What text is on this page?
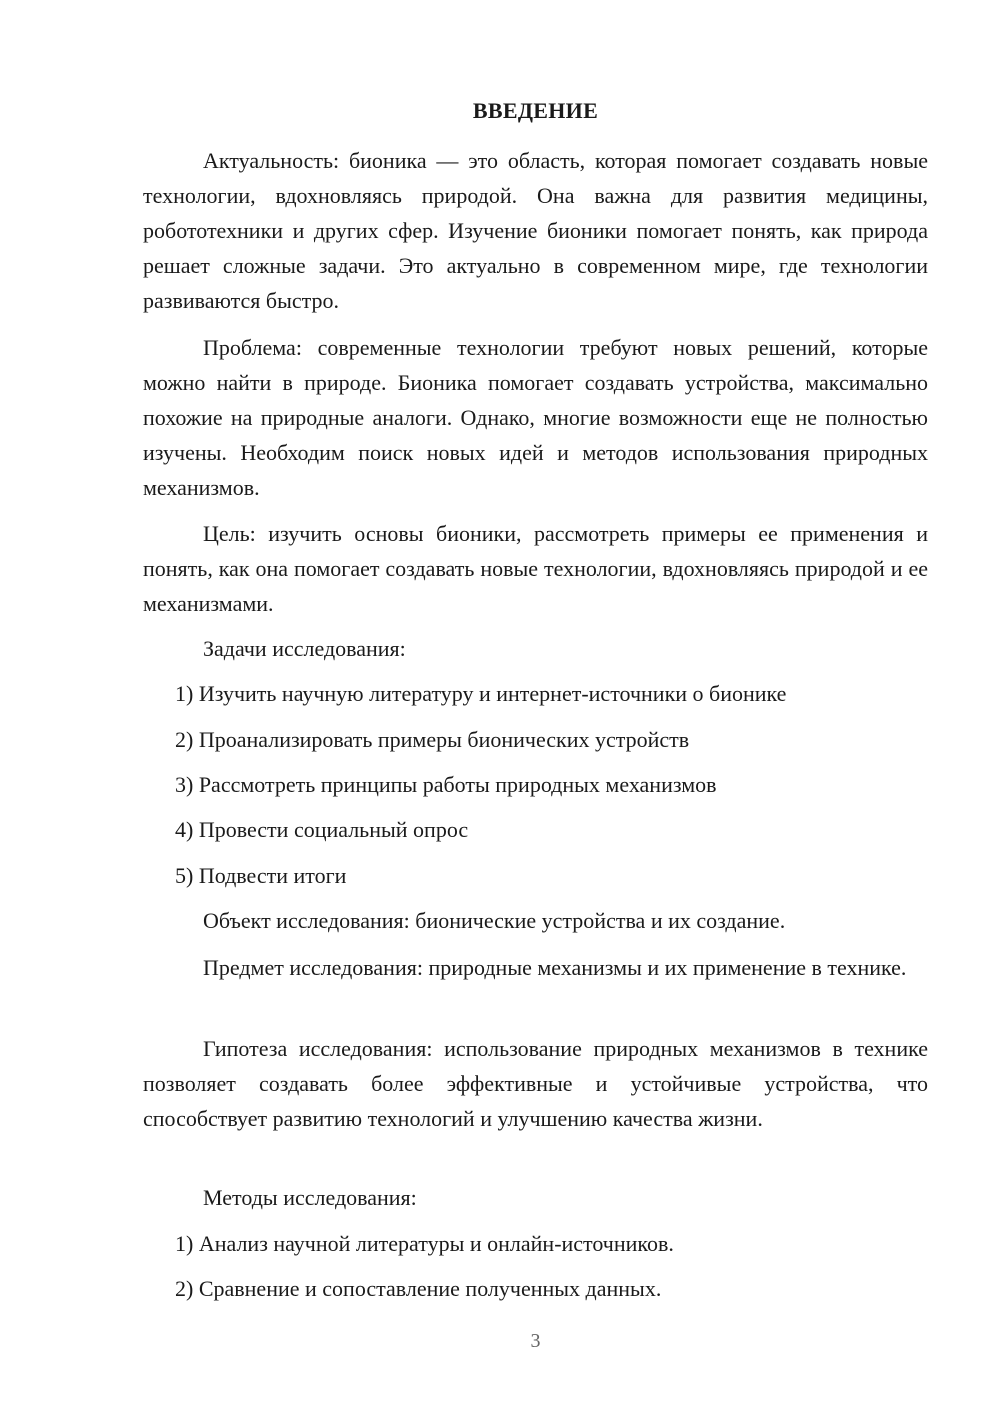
ВВЕДЕНИЕ

Актуальность: бионика — это область, которая помогает создавать новые технологии, вдохновляясь природой. Она важна для развития медицины, робототехники и других сфер. Изучение бионики помогает понять, как природа решает сложные задачи. Это актуально в современном мире, где технологии развиваются быстро.

Проблема: современные технологии требуют новых решений, которые можно найти в природе. Бионика помогает создавать устройства, максимально похожие на природные аналоги. Однако, многие возможности еще не полностью изучены. Необходим поиск новых идей и методов использования природных механизмов.

Цель: изучить основы бионики, рассмотреть примеры ее применения и понять, как она помогает создавать новые технологии, вдохновляясь природой и ее механизмами.

Задачи исследования:
1) Изучить научную литературу и интернет-источники о бионике
2) Проанализировать примеры бионических устройств
3) Рассмотреть принципы работы природных механизмов
4) Провести социальный опрос
5) Подвести итоги
Объект исследования: бионические устройства и их создание.

Предмет исследования: природные механизмы и их применение в технике.

Гипотеза исследования: использование природных механизмов в технике позволяет создавать более эффективные и устойчивые устройства, что способствует развитию технологий и улучшению качества жизни.

Методы исследования:
1) Анализ научной литературы и онлайн-источников.
2) Сравнение и сопоставление полученных данных.
3
